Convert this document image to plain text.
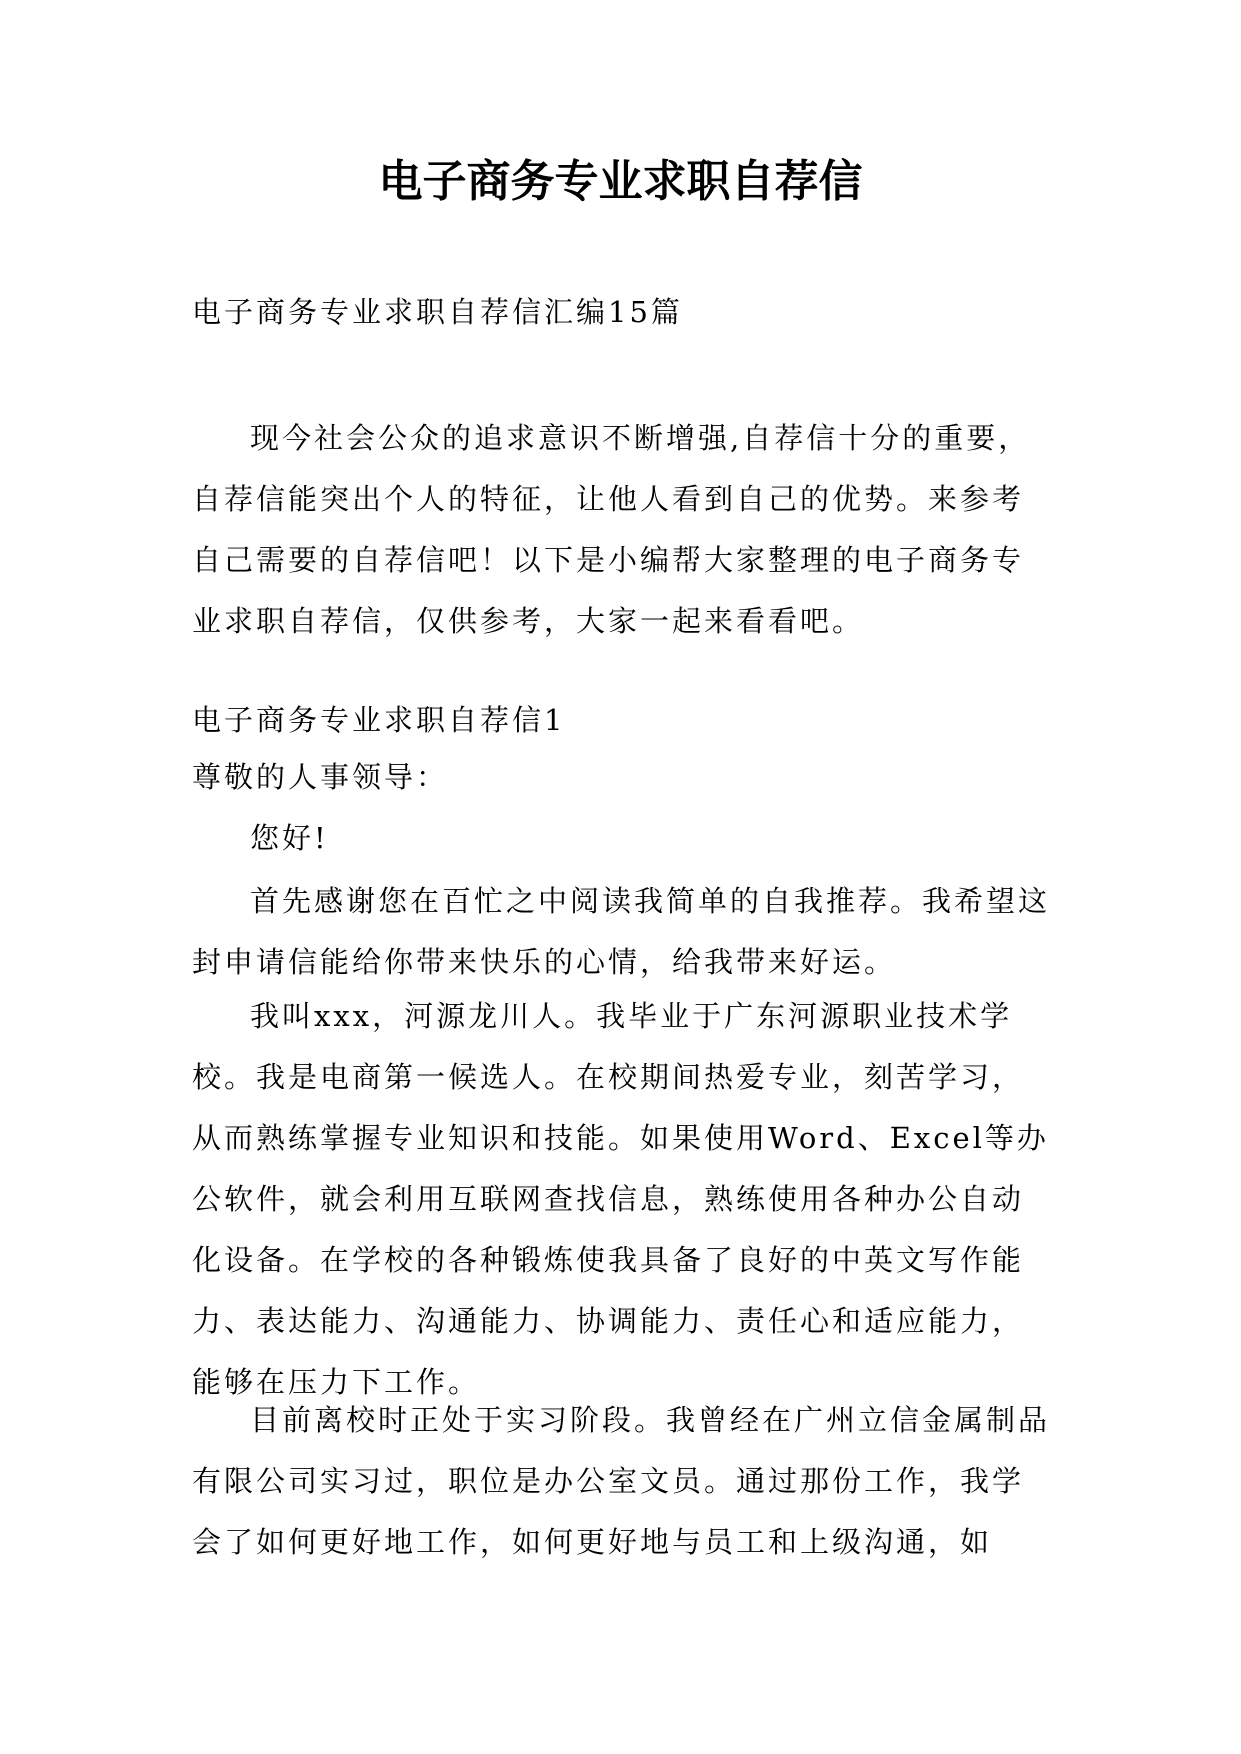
电子商务专业求职自荐信

电子商务专业求职自荐信汇编15篇

现今社会公众的追求意识不断增强,自荐信十分的重要，自荐信能突出个人的特征，让他人看到自己的优势。来参考自己需要的自荐信吧！以下是小编帮大家整理的电子商务专业求职自荐信，仅供参考，大家一起来看看吧。

电子商务专业求职自荐信1

尊敬的人事领导：

您好!

首先感谢您在百忙之中阅读我简单的自我推荐。我希望这封申请信能给你带来快乐的心情，给我带来好运。

我叫xxx，河源龙川人。我毕业于广东河源职业技术学校。我是电商第一候选人。在校期间热爱专业，刻苦学习，从而熟练掌握专业知识和技能。如果使用Word、Excel等办公软件，就会利用互联网查找信息，熟练使用各种办公自动化设备。在学校的各种锻炼使我具备了良好的中英文写作能力、表达能力、沟通能力、协调能力、责任心和适应能力，能够在压力下工作。

目前离校时正处于实习阶段。我曾经在广州立信金属制品有限公司实习过，职位是办公室文员。通过那份工作，我学会了如何更好地工作，如何更好地与员工和上级沟通，如
